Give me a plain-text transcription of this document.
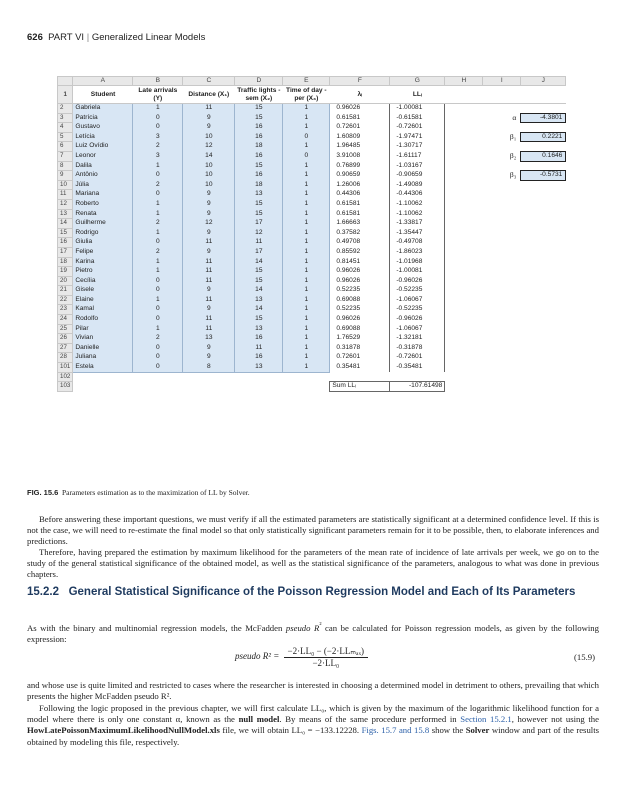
626 PART VI | Generalized Linear Models
	A	B	C	D	E	F	G	H	I	J
1	Student	Late arrivals (Y)	Distance (X₁)	Traffic lights - sem (X₂)	Time of day - per (X₃)	λᵢ	LLᵢ			
2	Gabriela	1	11	15	1	0.96026	-1.00081			
3	Patrícia	0	9	15	1	0.61581	-0.61581		α	-4.3801
4	Gustavo	0	9	16	1	0.72601	-0.72601			
5	Letícia	3	10	16	0	1.60809	-1.97471		β₁	0.2221
6	Luiz Ovídio	2	12	18	1	1.96485	-1.30717			
7	Leonor	3	14	16	0	3.91008	-1.61117		β₂	0.1646
8	Dalila	1	10	15	1	0.76899	-1.03167			
9	Antônio	0	10	16	1	0.90659	-0.90659		β₃	-0.5731
10	Júlia	2	10	18	1	1.26006	-1.49089			
11	Mariana	0	9	13	1	0.44306	-0.44306			
12	Roberto	1	9	15	1	0.61581	-1.10062			
13	Renata	1	9	15	1	0.61581	-1.10062			
14	Guilherme	2	12	17	1	1.66663	-1.33817			
15	Rodrigo	1	9	12	1	0.37582	-1.35447			
16	Giulia	0	11	11	1	0.49708	-0.49708			
17	Felipe	2	9	17	1	0.85592	-1.86023			
18	Karina	1	11	14	1	0.81451	-1.01968			
19	Pietro	1	11	15	1	0.96026	-1.00081			
20	Cecília	0	11	15	1	0.96026	-0.96026			
21	Gisele	0	9	14	1	0.52235	-0.52235			
22	Elaine	1	11	13	1	0.69088	-1.06067			
23	Kamal	0	9	14	1	0.52235	-0.52235			
24	Rodolfo	0	11	15	1	0.96026	-0.96026			
25	Pilar	1	11	13	1	0.69088	-1.06067			
26	Vivian	2	13	16	1	1.76529	-1.32181			
27	Danielle	0	9	11	1	0.31878	-0.31878			
28	Juliana	0	9	16	1	0.72601	-0.72601			
101	Estela	0	8	13	1	0.35481	-0.35481			
102										
103						Sum LLᵢ	-107.61498			
FIG. 15.6 Parameters estimation as to the maximization of LL by Solver.

Before answering these important questions, we must verify if all the estimated parameters are statistically significant at a determined confidence level. If this is not the case, we will need to re-estimate the final model so that only statistically significant parameters remain for it to be possible, then, to elaborate inferences and predictions.

Therefore, having prepared the estimation by maximum likelihood for the parameters of the mean rate of incidence of late arrivals per week, we go on to the study of the general statistical significance of the obtained model, as well as the statistical significance of the parameters, analogous to what was done in previous chapters.

15.2.2 General Statistical Significance of the Poisson Regression Model and Each of Its Parameters

As with the binary and multinomial regression models, the McFadden pseudo $R^{^2}$ can be calculated for Poisson regression models, as given by the following expression:

pseudo $R^2 = \frac{\text{−2·LL₀ − (−2·LLₘₐₓ)}}{\text{−2·LL₀}}$	(15.9)

and whose use is quite limited and restricted to cases where the researcher is interested in choosing a determined model in detriment to others, prevailing that which presents the higher McFadden pseudo R².

Following the logic proposed in the previous chapter, we will first calculate LL₀, which is given by the maximum of the logarithmic likelihood function for a model where there is only one constant α, known as the null model. By means of the same procedure performed in Section 15.2.1, however not using the HowLatePoissonMaximumLikelihoodNullModel.xls file, we will obtain LL₀ = −133.12228. Figs. 15.7 and 15.8 show the Solver window and part of the results obtained by modeling this file, respectively.
